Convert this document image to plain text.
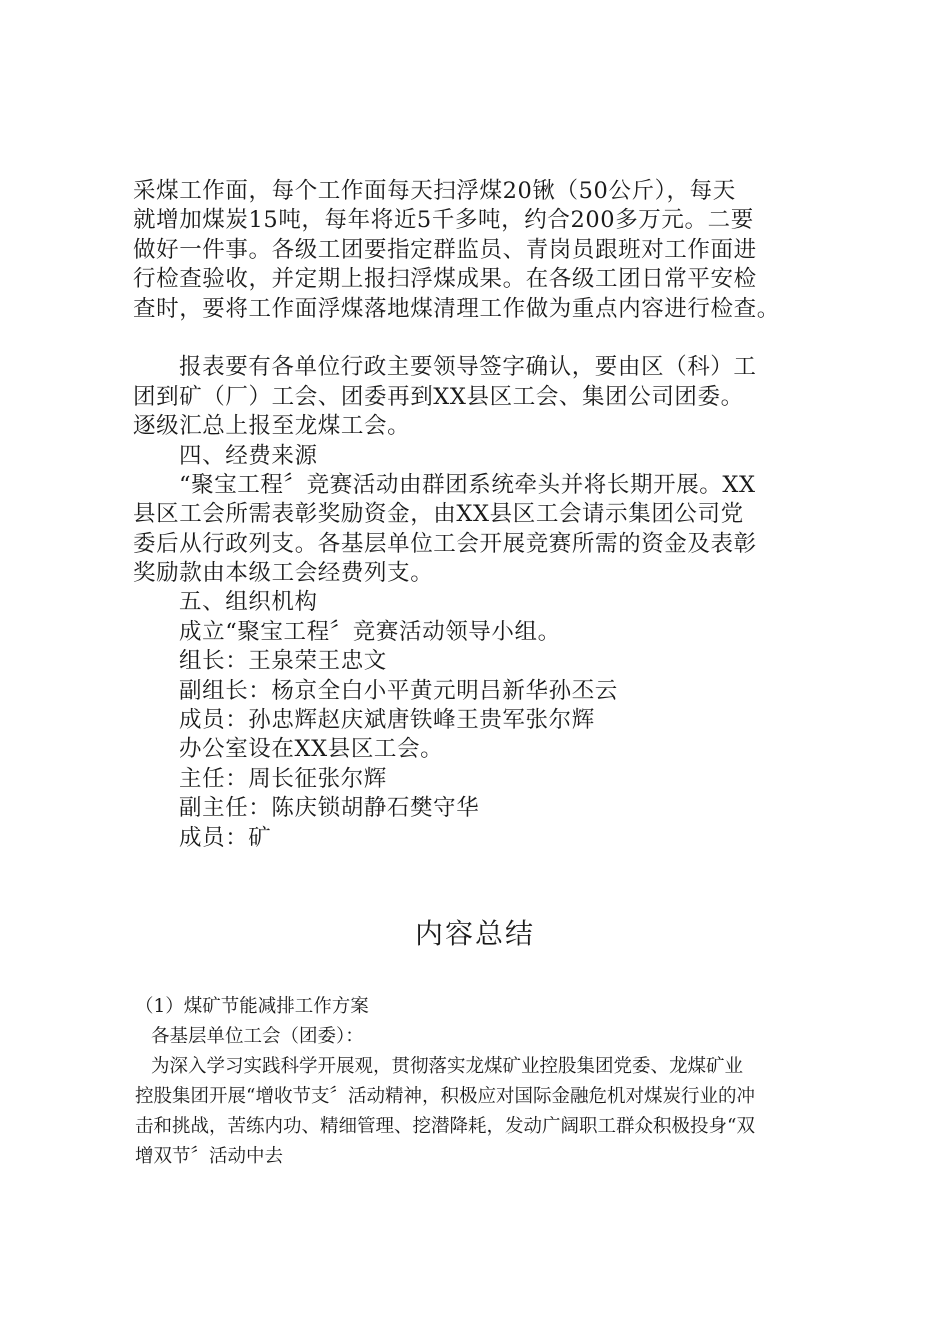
采煤工作面，每个工作面每天扫浮煤20锹（50公斤），每天
就增加煤炭15吨，每年将近5千多吨，约合200多万元。二要
做好一件事。各级工团要指定群监员、青岗员跟班对工作面进
行检查验收，并定期上报扫浮煤成果。在各级工团日常平安检
查时，要将工作面浮煤落地煤清理工作做为重点内容进行检查。
报表要有各单位行政主要领导签字确认，要由区（科）工
团到矿（厂）工会、团委再到XX县区工会、集团公司团委。
逐级汇总上报至龙煤工会。
四、经费来源
“聚宝工程〞竞赛活动由群团系统牵头并将长期开展。XX
县区工会所需表彰奖励资金，由XX县区工会请示集团公司党
委后从行政列支。各基层单位工会开展竞赛所需的资金及表彰
奖励款由本级工会经费列支。
五、组织机构
成立“聚宝工程〞竞赛活动领导小组。
组长：王泉荣王忠文
副组长：杨京全白小平黄元明吕新华孙丕云
成员：孙忠辉赵庆斌唐铁峰王贵军张尔辉
办公室设在XX县区工会。
主任：周长征张尔辉
副主任：陈庆锁胡静石樊守华
成员：矿
内容总结
（1）煤矿节能减排工作方案
各基层单位工会（团委）：
为深入学习实践科学开展观，贯彻落实龙煤矿业控股集团党委、龙煤矿业
控股集团开展“增收节支〞活动精神，积极应对国际金融危机对煤炭行业的冲
击和挑战，苦练内功、精细管理、挖潜降耗，发动广阔职工群众积极投身“双
增双节〞活动中去
